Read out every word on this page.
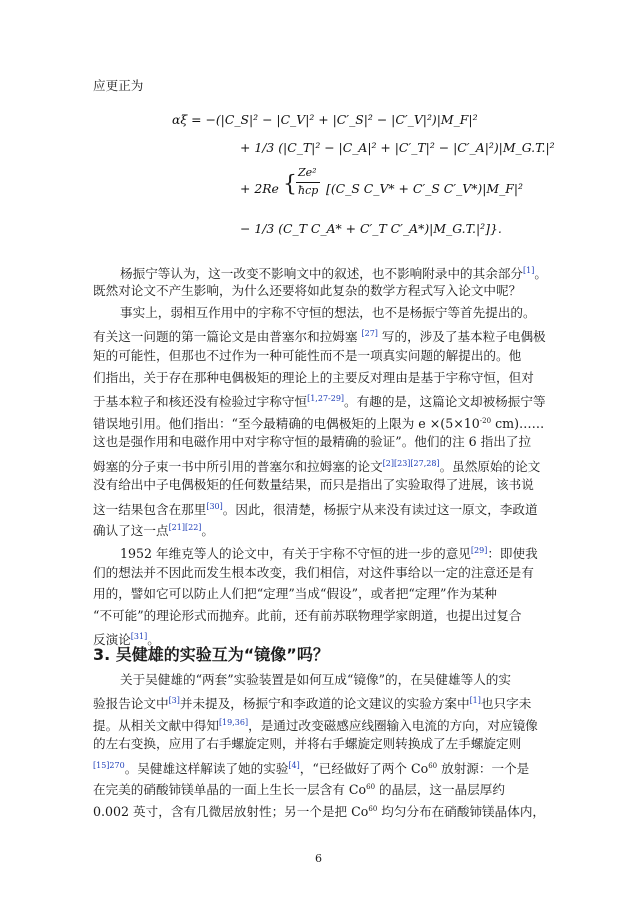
应更正为
αξ = −(|C_S|² − |C_V|² + |C′_S|² − |C′_V|²)|M_F|²
+ 1/3 (|C_T|² − |C_A|² + |C′_T|² − |C′_A|²)|M_G.T.|²
+ 2Re { Ze²
ħcp [(C_S C_V* + C′_S C′_V*)|M_F|²
− 1/3 (C_T C_A* + C′_T C′_A*)|M_G.T.|²]}.
杨振宁等认为，这一改变不影响文中的叙述，也不影响附录中的其余部分[1]。
既然对论文不产生影响，为什么还要将如此复杂的数学方程式写入论文中呢？
事实上，弱相互作用中的宇称不守恒的想法，也不是杨振宁等首先提出的。
有关这一问题的第一篇论文是由普塞尔和拉姆塞 [27] 写的，涉及了基本粒子电偶极
矩的可能性，但那也不过作为一种可能性而不是一项真实问题的解提出的。他
们指出，关于存在那种电偶极矩的理论上的主要反对理由是基于宇称守恒，但对
于基本粒子和核还没有检验过宇称守恒[1,27-29]。有趣的是，这篇论文却被杨振宁等
错误地引用。他们指出：“至今最精确的电偶极矩的上限为 $e \times(5\times 10^{-20}$ cm)……
这也是强作用和电磁作用中对宇称守恒的最精确的验证”。他们的注 6 指出了拉
姆塞的分子束一书中所引用的普塞尔和拉姆塞的论文[2][23][27,28]。虽然原始的论文
没有给出中子电偶极矩的任何数量结果，而只是指出了实验取得了进展，该书说
这一结果包含在那里[30]。因此，很清楚，杨振宁从来没有读过这一原文，李政道
确认了这一点[21][22]。
1952 年维克等人的论文中，有关于宇称不守恒的进一步的意见[29]：即使我
们的想法并不因此而发生根本改变，我们相信，对这件事给以一定的注意还是有
用的，譬如它可以防止人们把“定理”当成“假设”，或者把“定理”作为某种
“不可能”的理论形式而抛弃。此前，还有前苏联物理学家朗道，也提出过复合
反演论[31]。
3. 吴健雄的实验互为“镜像”吗？
关于吴健雄的“两套”实验装置是如何互成“镜像”的，在吴健雄等人的实
验报告论文中[3]并未提及，杨振宁和李政道的论文建议的实验方案中[1]也只字未
提。从相关文献中得知[19,36]，是通过改变磁感应线圈输入电流的方向，对应镜像
的左右变换，应用了右手螺旋定则，并将右手螺旋定则转换成了左手螺旋定则
$^{[15]270}$。吴健雄这样解读了她的实验[4]，“已经做好了两个 Co$^{60}$ 放射源：一个是
在完美的硝酸铈镁单晶的一面上生长一层含有 Co$^{60}$ 的晶层，这一晶层厚约
0.002 英寸，含有几微居放射性；另一个是把 Co$^{60}$ 均匀分布在硝酸铈镁晶体内，
6
